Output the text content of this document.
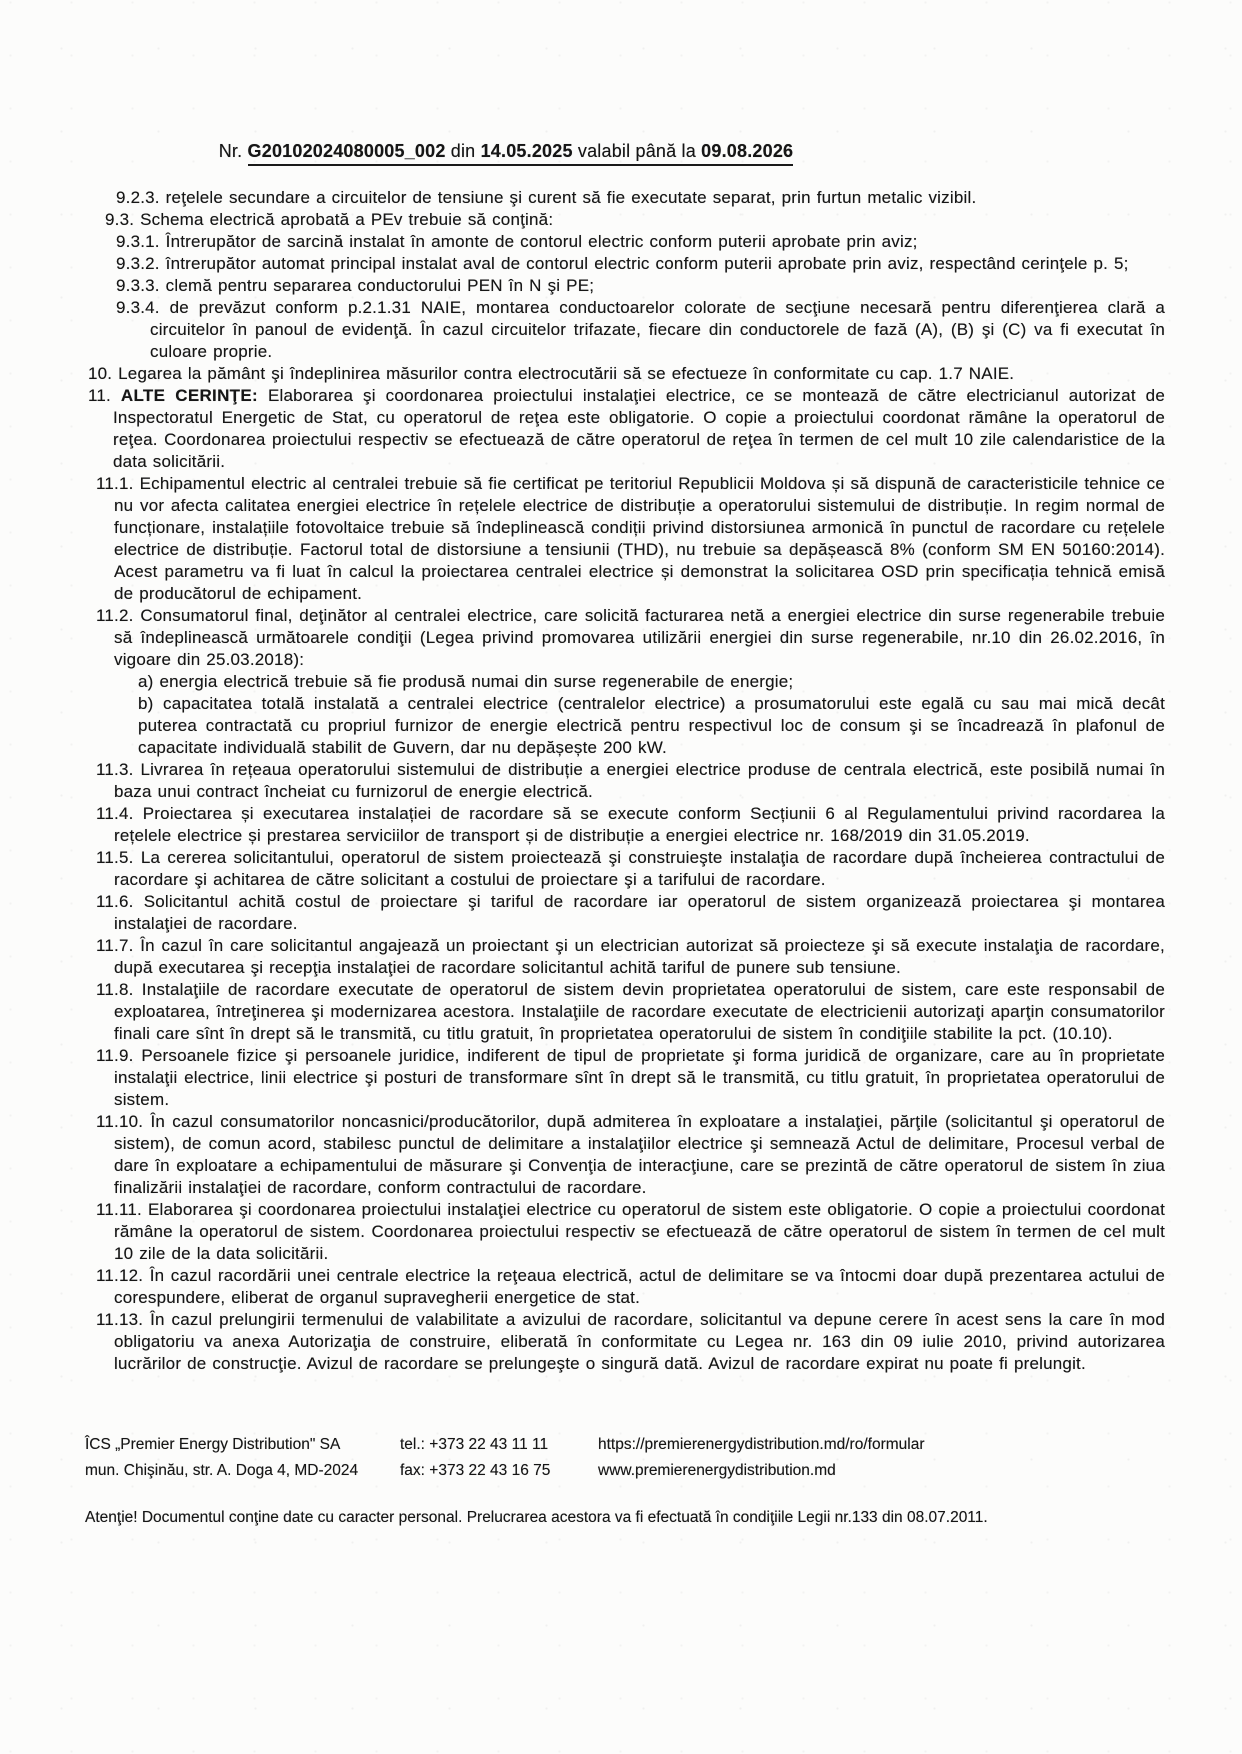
Nr. G20102024080005_002 din 14.05.2025 valabil până la 09.08.2026
9.2.3. reţelele secundare a circuitelor de tensiune şi curent să fie executate separat, prin furtun metalic vizibil.
9.3. Schema electrică aprobată a PEv trebuie să conţină:
9.3.1. Întrerupător de sarcină instalat în amonte de contorul electric conform puterii aprobate prin aviz;
9.3.2. întrerupător automat principal instalat aval de contorul electric conform puterii aprobate prin aviz, respectând cerinţele p. 5;
9.3.3. clemă pentru separarea conductorului PEN în N şi PE;
9.3.4. de prevăzut conform p.2.1.31 NAIE, montarea conductoarelor colorate de secţiune necesară pentru diferenţierea clară a circuitelor în panoul de evidenţă. În cazul circuitelor trifazate, fiecare din conductorele de fază (A), (B) şi (C) va fi executat în culoare proprie.
10. Legarea la pământ şi îndeplinirea măsurilor contra electrocutării să se efectueze în conformitate cu cap. 1.7 NAIE.
11. ALTE CERINŢE: Elaborarea şi coordonarea proiectului instalaţiei electrice, ce se montează de către electricianul autorizat de Inspectoratul Energetic de Stat, cu operatorul de reţea este obligatorie. O copie a proiectului coordonat rămâne la operatorul de reţea. Coordonarea proiectului respectiv se efectuează de către operatorul de reţea în termen de cel mult 10 zile calendaristice de la data solicitării.
11.1. Echipamentul electric al centralei trebuie să fie certificat pe teritoriul Republicii Moldova și să dispună de caracteristicile tehnice ce nu vor afecta calitatea energiei electrice în rețelele electrice de distribuție a operatorului sistemului de distribuție. In regim normal de funcționare, instalațiile fotovoltaice trebuie să îndeplinească condiții privind distorsiunea armonică în punctul de racordare cu rețelele electrice de distribuție. Factorul total de distorsiune a tensiunii (THD), nu trebuie sa depășească 8% (conform SM EN 50160:2014). Acest parametru va fi luat în calcul la proiectarea centralei electrice și demonstrat la solicitarea OSD prin specificația tehnică emisă de producătorul de echipament.
11.2. Consumatorul final, deţinător al centralei electrice, care solicită facturarea netă a energiei electrice din surse regenerabile trebuie să îndeplinească următoarele condiţii (Legea privind promovarea utilizării energiei din surse regenerabile, nr.10 din 26.02.2016, în vigoare din 25.03.2018):
a) energia electrică trebuie să fie produsă numai din surse regenerabile de energie;
b) capacitatea totală instalată a centralei electrice (centralelor electrice) a prosumatorului este egală cu sau mai mică decât puterea contractată cu propriul furnizor de energie electrică pentru respectivul loc de consum şi se încadrează în plafonul de capacitate individuală stabilit de Guvern, dar nu depășește 200 kW.
11.3. Livrarea în rețeaua operatorului sistemului de distribuție a energiei electrice produse de centrala electrică, este posibilă numai în baza unui contract încheiat cu furnizorul de energie electrică.
11.4. Proiectarea și executarea instalației de racordare să se execute conform Secțiunii 6 al Regulamentului privind racordarea la rețelele electrice și prestarea serviciilor de transport și de distribuție a energiei electrice nr. 168/2019 din 31.05.2019.
11.5. La cererea solicitantului, operatorul de sistem proiectează şi construieşte instalaţia de racordare după încheierea contractului de racordare şi achitarea de către solicitant a costului de proiectare şi a tarifului de racordare.
11.6. Solicitantul achită costul de proiectare şi tariful de racordare iar operatorul de sistem organizează proiectarea şi montarea instalaţiei de racordare.
11.7. În cazul în care solicitantul angajează un proiectant şi un electrician autorizat să proiecteze şi să execute instalaţia de racordare, după executarea şi recepţia instalaţiei de racordare solicitantul achită tariful de punere sub tensiune.
11.8. Instalaţiile de racordare executate de operatorul de sistem devin proprietatea operatorului de sistem, care este responsabil de exploatarea, întreţinerea şi modernizarea acestora. Instalaţiile de racordare executate de electricienii autorizaţi aparţin consumatorilor finali care sînt în drept să le transmită, cu titlu gratuit, în proprietatea operatorului de sistem în condiţiile stabilite la pct. (10.10).
11.9. Persoanele fizice şi persoanele juridice, indiferent de tipul de proprietate şi forma juridică de organizare, care au în proprietate instalaţii electrice, linii electrice şi posturi de transformare sînt în drept să le transmită, cu titlu gratuit, în proprietatea operatorului de sistem.
11.10. În cazul consumatorilor noncasnici/producătorilor, după admiterea în exploatare a instalaţiei, părţile (solicitantul şi operatorul de sistem), de comun acord, stabilesc punctul de delimitare a instalaţiilor electrice şi semnează Actul de delimitare, Procesul verbal de dare în exploatare a echipamentului de măsurare şi Convenţia de interacţiune, care se prezintă de către operatorul de sistem în ziua finalizării instalaţiei de racordare, conform contractului de racordare.
11.11. Elaborarea şi coordonarea proiectului instalaţiei electrice cu operatorul de sistem este obligatorie. O copie a proiectului coordonat rămâne la operatorul de sistem. Coordonarea proiectului respectiv se efectuează de către operatorul de sistem în termen de cel mult 10 zile de la data solicitării.
11.12. În cazul racordării unei centrale electrice la reţeaua electrică, actul de delimitare se va întocmi doar după prezentarea actului de corespundere, eliberat de organul supravegherii energetice de stat.
11.13. În cazul prelungirii termenului de valabilitate a avizului de racordare, solicitantul va depune cerere în acest sens la care în mod obligatoriu va anexa Autorizaţia de construire, eliberată în conformitate cu Legea nr. 163 din 09 iulie 2010, privind autorizarea lucrărilor de construcţie. Avizul de racordare se prelungeşte o singură dată. Avizul de racordare expirat nu poate fi prelungit.
ÎCS „Premier Energy Distribution" SA
mun. Chişinău, str. A. Doga 4, MD-2024
tel.: +373 22 43 11 11
fax: +373 22 43 16 75
https://premierenergydistribution.md/ro/formular
www.premierenergydistribution.md
Atenţie! Documentul conţine date cu caracter personal. Prelucrarea acestora va fi efectuată în condiţiile Legii nr.133 din 08.07.2011.
